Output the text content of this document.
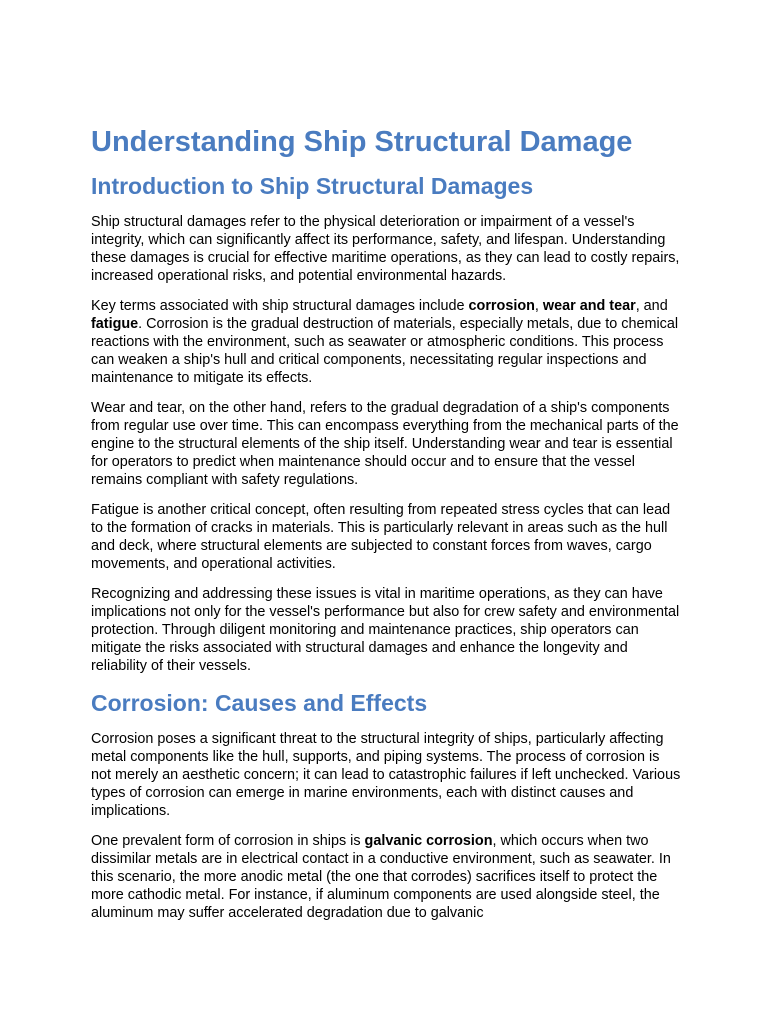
Understanding Ship Structural Damage
Introduction to Ship Structural Damages

Ship structural damages refer to the physical deterioration or impairment of a vessel's integrity, which can significantly affect its performance, safety, and lifespan. Understanding these damages is crucial for effective maritime operations, as they can lead to costly repairs, increased operational risks, and potential environmental hazards.

Key terms associated with ship structural damages include corrosion, wear and tear, and fatigue. Corrosion is the gradual destruction of materials, especially metals, due to chemical reactions with the environment, such as seawater or atmospheric conditions. This process can weaken a ship's hull and critical components, necessitating regular inspections and maintenance to mitigate its effects.

Wear and tear, on the other hand, refers to the gradual degradation of a ship's components from regular use over time. This can encompass everything from the mechanical parts of the engine to the structural elements of the ship itself. Understanding wear and tear is essential for operators to predict when maintenance should occur and to ensure that the vessel remains compliant with safety regulations.

Fatigue is another critical concept, often resulting from repeated stress cycles that can lead to the formation of cracks in materials. This is particularly relevant in areas such as the hull and deck, where structural elements are subjected to constant forces from waves, cargo movements, and operational activities.

Recognizing and addressing these issues is vital in maritime operations, as they can have implications not only for the vessel's performance but also for crew safety and environmental protection. Through diligent monitoring and maintenance practices, ship operators can mitigate the risks associated with structural damages and enhance the longevity and reliability of their vessels.

Corrosion: Causes and Effects

Corrosion poses a significant threat to the structural integrity of ships, particularly affecting metal components like the hull, supports, and piping systems. The process of corrosion is not merely an aesthetic concern; it can lead to catastrophic failures if left unchecked. Various types of corrosion can emerge in marine environments, each with distinct causes and implications.

One prevalent form of corrosion in ships is galvanic corrosion, which occurs when two dissimilar metals are in electrical contact in a conductive environment, such as seawater. In this scenario, the more anodic metal (the one that corrodes) sacrifices itself to protect the more cathodic metal. For instance, if aluminum components are used alongside steel, the aluminum may suffer accelerated degradation due to galvanic
